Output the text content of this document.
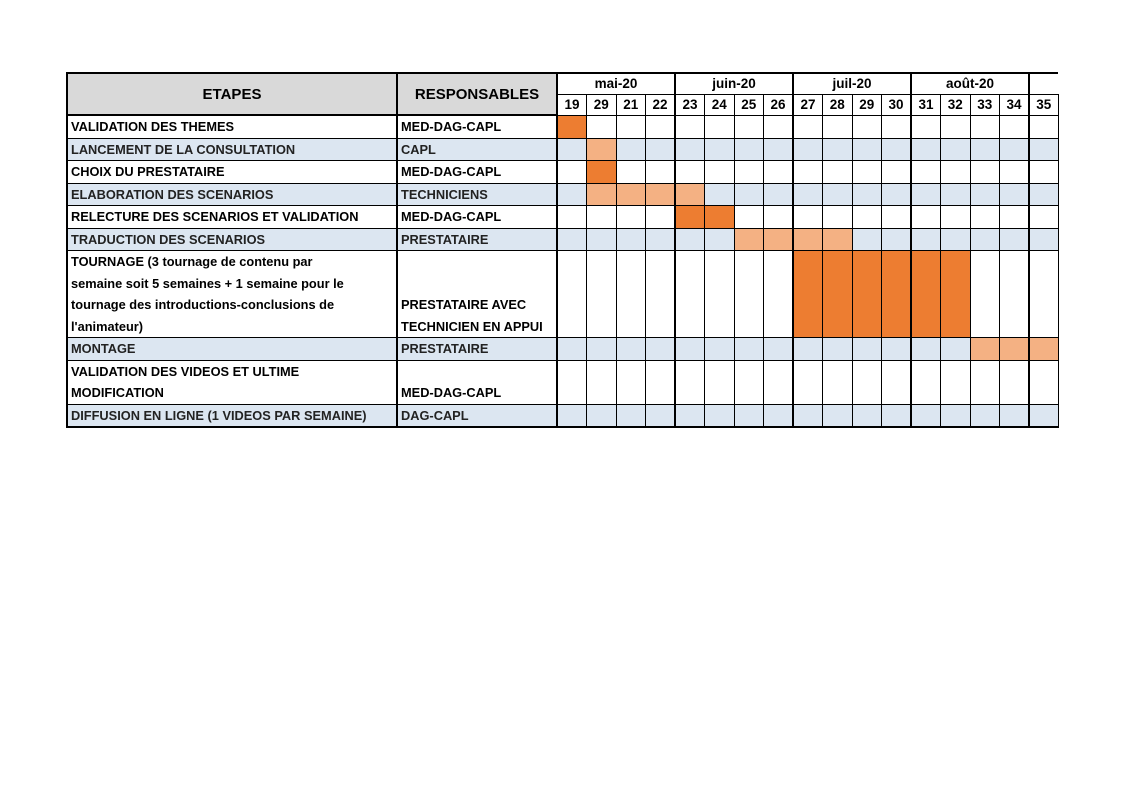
ETAPES	RESPONSABLES	mai-20				juin-20				juil-20				août-20				
		19	29	21	22	23	24	25	26	27	28	29	30	31	32	33	34	35
VALIDATION DES THEMES	MED-DAG-CAPL																	
LANCEMENT DE LA CONSULTATION	CAPL																	
CHOIX DU PRESTATAIRE	MED-DAG-CAPL																	
ELABORATION DES SCENARIOS	TECHNICIENS																	
RELECTURE DES SCENARIOS ET VALIDATION	MED-DAG-CAPL																	
TRADUCTION DES SCENARIOS	PRESTATAIRE																	
TOURNAGE (3 tournage de contenu par
semaine soit 5 semaines + 1 semaine pour le
tournage des introductions-conclusions de
l'animateur)	PRESTATAIRE AVEC
TECHNICIEN EN APPUI																	
MONTAGE	PRESTATAIRE																	
VALIDATION DES VIDEOS ET ULTIME
MODIFICATION	MED-DAG-CAPL																	
DIFFUSION EN LIGNE (1 VIDEOS PAR SEMAINE)	DAG-CAPL																	
